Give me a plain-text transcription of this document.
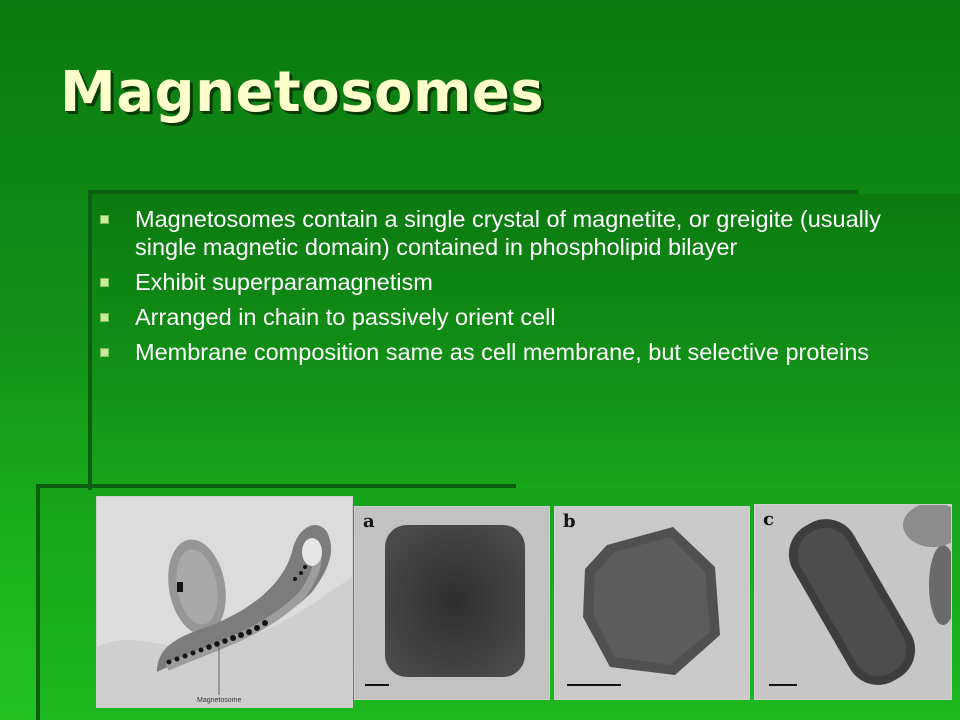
Magnetosomes
Magnetosomes contain a single crystal of magnetite, or greigite (usually single magnetic domain) contained in phospholipid bilayer
Exhibit superparamagnetism
Arranged in chain to passively orient cell
Membrane composition same as cell membrane, but selective proteins
Magnetosome
a	b	c
